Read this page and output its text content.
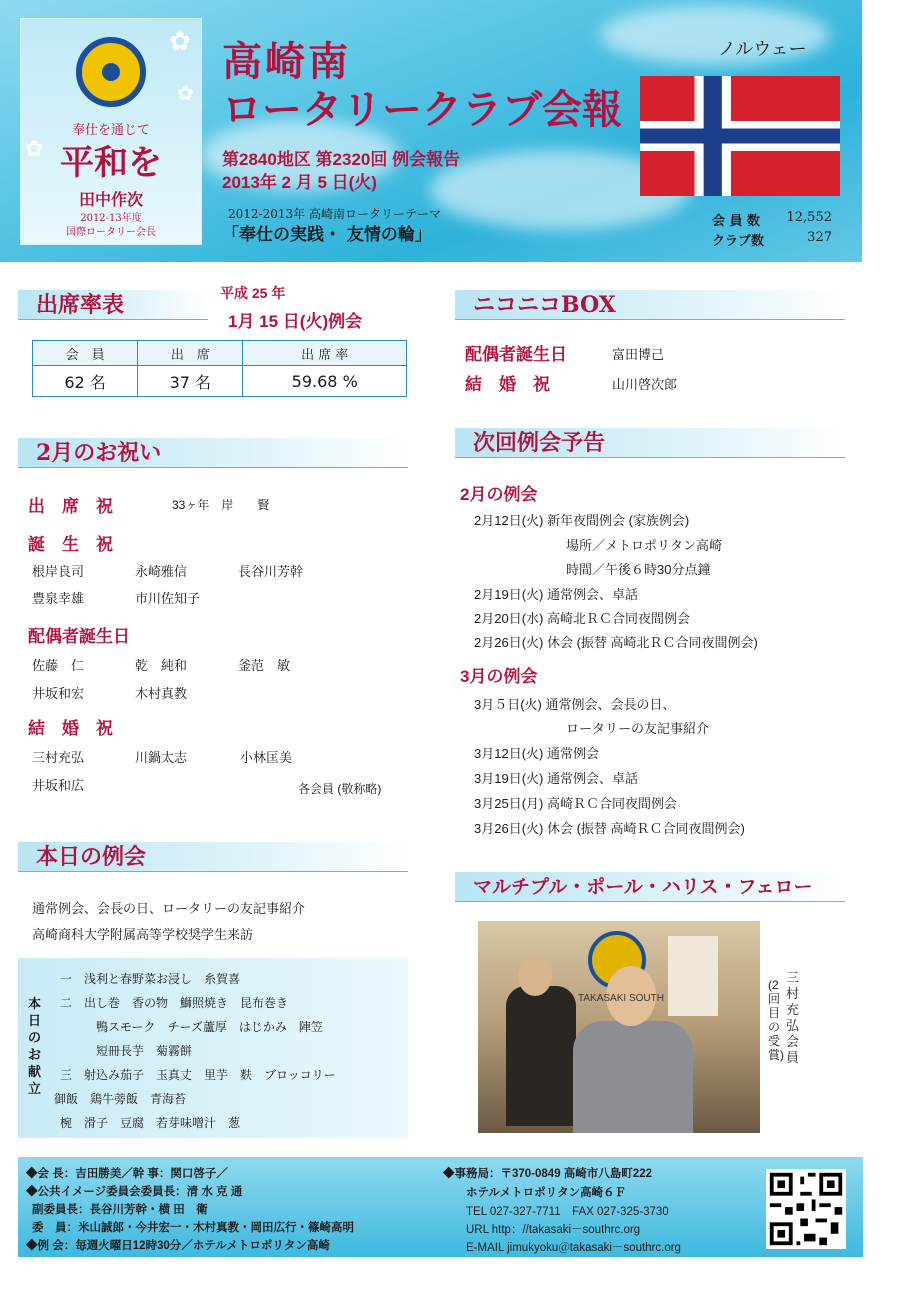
✿
✿
✿
奉仕を通じて
平和を
田中作次
2012-13年度
国際ロータリー会長
高崎南
ロータリークラブ会報
第2840地区 第2320回 例会報告
2013年 2 月 5 日(火)
2012-2013年 高崎南ロータリーテーマ
「奉仕の実践・ 友情の輪」
ノルウェー
会 員 数 12,552
クラブ数	327
出席率表	平成 25 年
1月 15 日(火)例会
会　員	出　席	出 席 率
62 名	37 名	59.68 %
2月のお祝い
出　席　祝	33ヶ年　岸　　賢
誕　生　祝
根岸良司	永崎雅信	長谷川芳幹
豊泉幸雄	市川佐知子
配偶者誕生日
佐藤　仁	乾　純和	釜范　敏
井坂和宏	木村真教
結　婚　祝
三村充弘	川鍋太志	小林匡美
井坂和広	各会員 (敬称略)
本日の例会
通常例会、会長の日、ロータリーの友記事紹介
高崎商科大学附属高等学校奨学生来訪
本日のお献立
一　浅利と春野菜お浸し　糸賀喜
二　出し巻　香の物　鰤照焼き　昆布巻き
鴨スモーク　チーズ蘆厚　はじかみ　陣笠
短冊長芋　菊霧餅
三　射込み茄子　玉真丈　里芋　麩　ブロッコリー
御飯　鶏牛蒡飯　青海苔
椀　滑子　豆腐　若芽味噌汁　葱
ニコニコBOX
配偶者誕生日	富田博己
結　婚　祝	山川啓次郎
次回例会予告
2月の例会
2月12日(火) 新年夜間例会 (家族例会)
場所／メトロポリタン高崎
時間／午後６時30分点鐘
2月19日(火) 通常例会、卓話
2月20日(水) 高崎北ＲＣ合同夜間例会
2月26日(火) 休会 (振替 高崎北ＲＣ合同夜間例会)
3月の例会
3月５日(火) 通常例会、会長の日、
ロータリーの友記事紹介
3月12日(火) 通常例会
3月19日(火) 通常例会、卓話
3月25日(月) 高崎ＲＣ合同夜間例会
3月26日(火) 休会 (振替 高崎ＲＣ合同夜間例会)
マルチプル・ポール・ハリス・フェロー
TAKASAKI SOUTH
三村充弘 会員
(2回目の受賞)
◆会 長：吉田勝美／幹 事：関口啓子／
◆公共イメージ委員会委員長：清 水 克 通
副委員長：長谷川芳幹・横 田　衛
委　員：米山誠郎・今井宏一・木村真教・岡田広行・篠崎高明
◆例 会：毎週火曜日12時30分／ホテルメトロポリタン高崎
◆事務局：〒370-0849 高崎市八島町222
ホテルメトロポリタン高崎６Ｆ
TEL 027-327-7711　FAX 027-325-3730
URL http：//takasaki－southrc.org
E-MAIL jimukyoku＠takasaki－southrc.org
